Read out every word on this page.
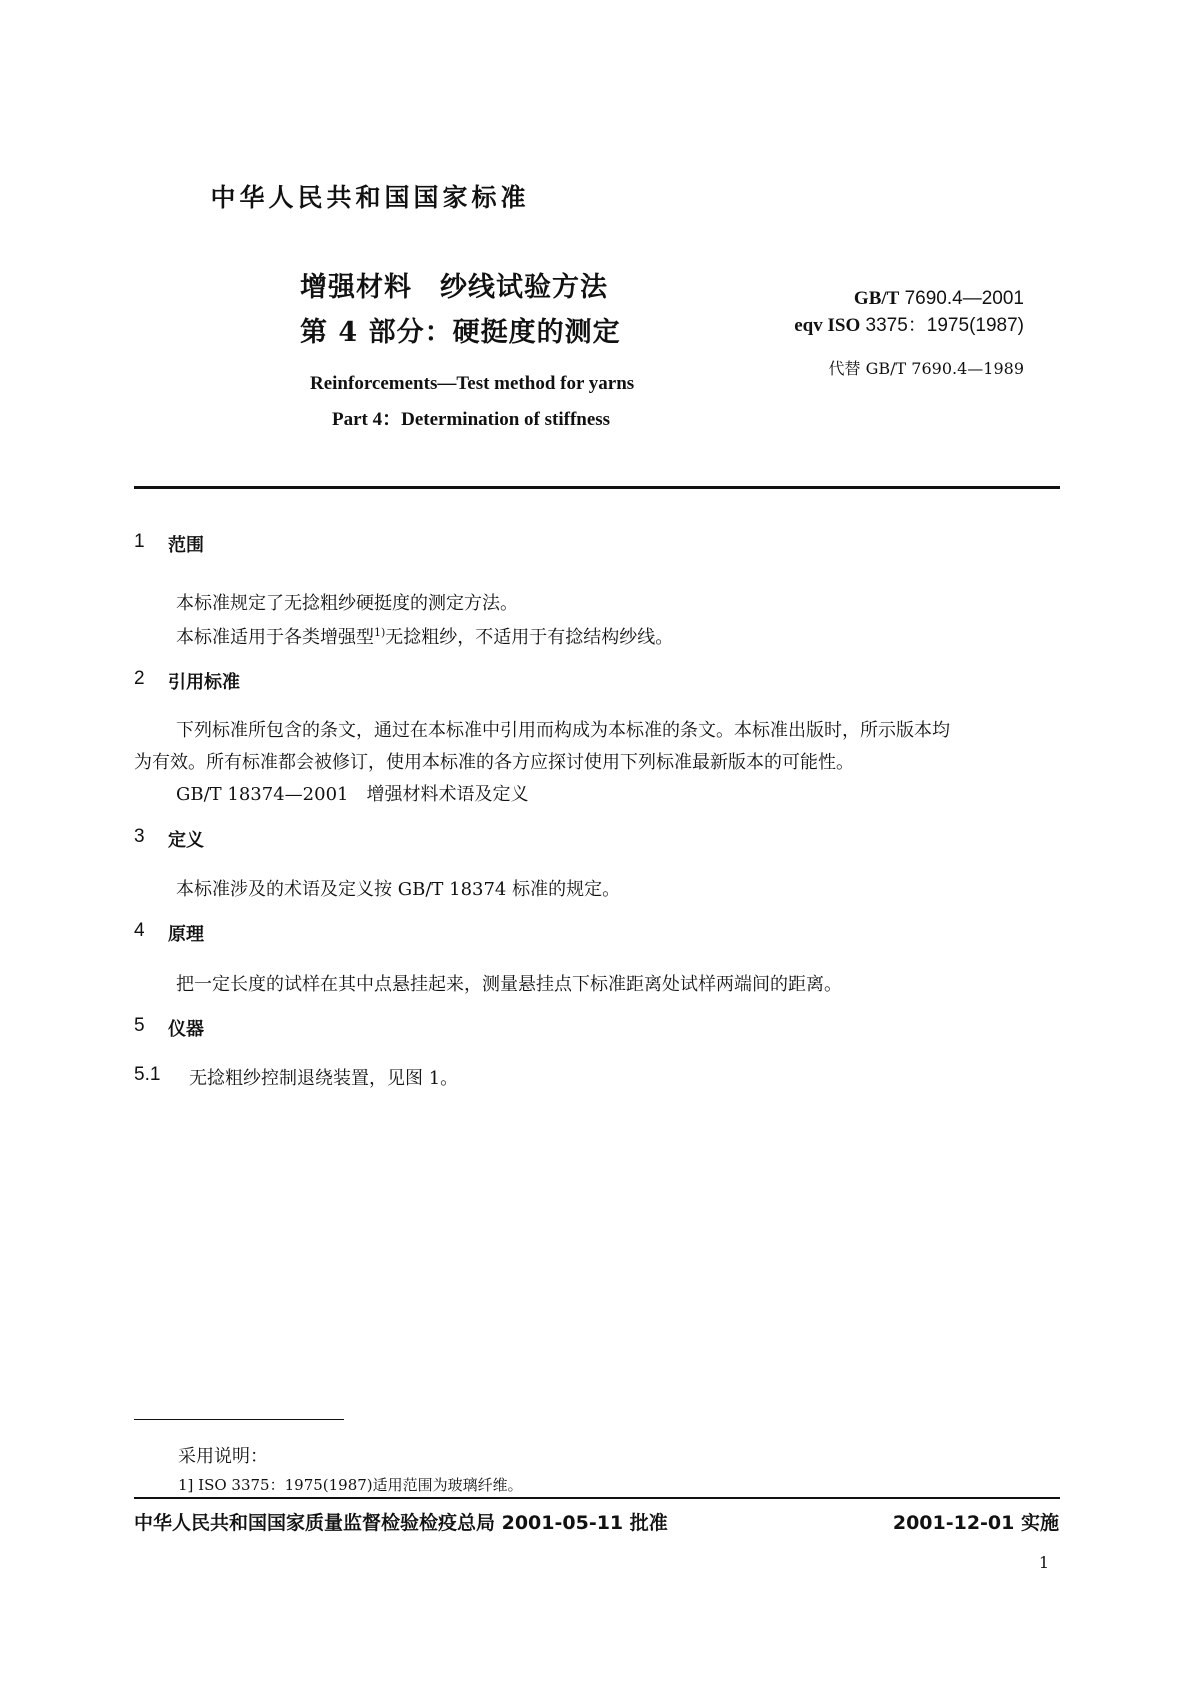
中华人民共和国国家标准
增强材料　纱线试验方法
第 4 部分：硬挺度的测定
GB/T 7690.4—2001
eqv ISO 3375：1975(1987)
代替 GB/T 7690.4—1989
Reinforcements—Test method for yarns
Part 4：Determination of stiffness
1 范围
本标准规定了无捻粗纱硬挺度的测定方法。
本标准适用于各类增强型$^{1)}$无捻粗纱，不适用于有捻结构纱线。
2 引用标准
下列标准所包含的条文，通过在本标准中引用而构成为本标准的条文。本标准出版时，所示版本均
为有效。所有标准都会被修订，使用本标准的各方应探讨使用下列标准最新版本的可能性。
GB/T 18374—2001　增强材料术语及定义
3 定义
本标准涉及的术语及定义按 GB/T 18374 标准的规定。
4 原理
把一定长度的试样在其中点悬挂起来，测量悬挂点下标准距离处试样两端间的距离。
5 仪器
5.1 无捻粗纱控制退绕装置，见图 1。
采用说明：
1] ISO 3375：1975(1987)适用范围为玻璃纤维。
中华人民共和国国家质量监督检验检疫总局 2001-05-11 批准	2001-12-01 实施
1
